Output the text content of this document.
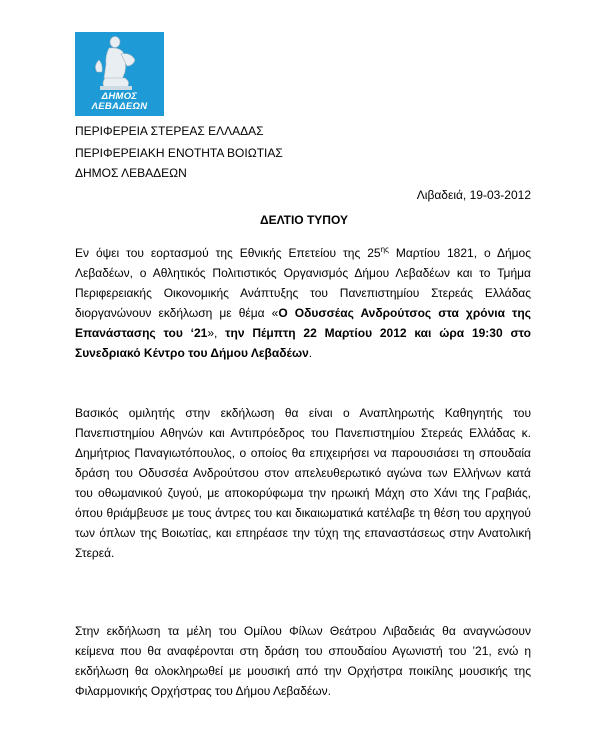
ΔΗΜΟΣ
ΛΕΒΑΔΕΩΝ
ΠΕΡΙΦΕΡΕΙΑ ΣΤΕΡΕΑΣ ΕΛΛΑΔΑΣ
ΠΕΡΙΦΕΡΕΙΑΚΗ ΕΝΟΤΗΤΑ ΒΟΙΩΤΙΑΣ
ΔΗΜΟΣ ΛΕΒΑΔΕΩΝ
Λιβαδειά, 19-03-2012
ΔΕΛΤΙΟ ΤΥΠΟΥ
Εν όψει του εορτασμού της Εθνικής Επετείου της $25^{\eta\varsigma}$ Μαρτίου 1821, ο Δήμος Λεβαδέων, ο Αθλητικός Πολιτιστικός Οργανισμός Δήμου Λεβαδέων και το Τμήμα Περιφερειακής Οικονομικής Ανάπτυξης του Πανεπιστημίου Στερεάς Ελλάδας διοργανώνουν εκδήλωση με θέμα «Ο Οδυσσέας Ανδρούτσος στα χρόνια της Επανάστασης του ‘21», την Πέμπτη 22 Μαρτίου 2012 και ώρα 19:30 στο Συνεδριακό Κέντρο του Δήμου Λεβαδέων.
Βασικός ομιλητής στην εκδήλωση θα είναι ο Αναπληρωτής Καθηγητής του Πανεπιστημίου Αθηνών και Αντιπρόεδρος του Πανεπιστημίου Στερεάς Ελλάδας κ. Δημήτριος Παναγιωτόπουλος, ο οποίος θα επιχειρήσει να παρουσιάσει τη σπουδαία δράση του Οδυσσέα Ανδρούτσου στον απελευθερωτικό αγώνα των Ελλήνων κατά του οθωμανικού ζυγού, με αποκορύφωμα την ηρωική Μάχη στο Χάνι της Γραβιάς, όπου θριάμβευσε με τους άντρες του και δικαιωματικά κατέλαβε τη θέση του αρχηγού των όπλων της Βοιωτίας, και επηρέασε την τύχη της επαναστάσεως στην Ανατολική Στερεά.
Στην εκδήλωση τα μέλη του Ομίλου Φίλων Θεάτρου Λιβαδειάς θα αναγνώσουν κείμενα που θα αναφέρονται στη δράση του σπουδαίου Αγωνιστή του ’21, ενώ η εκδήλωση θα ολοκληρωθεί με μουσική από την Ορχήστρα ποικίλης μουσικής της Φιλαρμονικής Ορχήστρας του Δήμου Λεβαδέων.
